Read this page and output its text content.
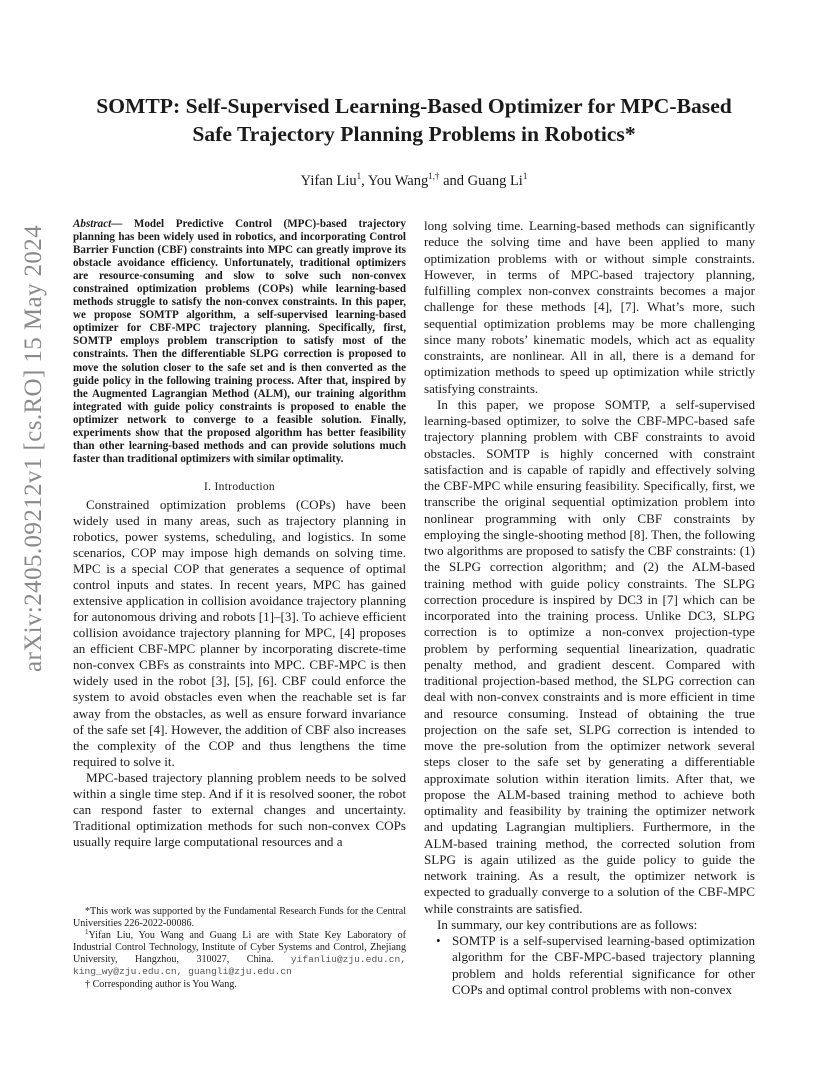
arXiv:2405.09212v1 [cs.RO] 15 May 2024
SOMTP: Self-Supervised Learning-Based Optimizer for MPC-Based
Safe Trajectory Planning Problems in Robotics*
Yifan Liu$^1$, You Wang$^{1,\dagger}$ and Guang Li$^1$

Abstract— Model Predictive Control (MPC)-based trajectory planning has been widely used in robotics, and incorporating Control Barrier Function (CBF) constraints into MPC can greatly improve its obstacle avoidance efficiency. Unfortunately, traditional optimizers are resource-consuming and slow to solve such non-convex constrained optimization problems (COPs) while learning-based methods struggle to satisfy the non-convex constraints. In this paper, we propose SOMTP algorithm, a self-supervised learning-based optimizer for CBF-MPC trajectory planning. Specifically, first, SOMTP employs problem transcription to satisfy most of the constraints. Then the differentiable SLPG correction is proposed to move the solution closer to the safe set and is then converted as the guide policy in the following training process. After that, inspired by the Augmented Lagrangian Method (ALM), our training algorithm integrated with guide policy constraints is proposed to enable the optimizer network to converge to a feasible solution. Finally, experiments show that the proposed algorithm has better feasibility than other learning-based methods and can provide solutions much faster than traditional optimizers with similar optimality.

I. Introduction

Constrained optimization problems (COPs) have been widely used in many areas, such as trajectory planning in robotics, power systems, scheduling, and logistics. In some scenarios, COP may impose high demands on solving time. MPC is a special COP that generates a sequence of optimal control inputs and states. In recent years, MPC has gained extensive application in collision avoidance trajectory planning for autonomous driving and robots [1]–[3]. To achieve efficient collision avoidance trajectory planning for MPC, [4] proposes an efficient CBF-MPC planner by incorporating discrete-time non-convex CBFs as constraints into MPC. CBF-MPC is then widely used in the robot [3], [5], [6]. CBF could enforce the system to avoid obstacles even when the reachable set is far away from the obstacles, as well as ensure forward invariance of the safe set [4]. However, the addition of CBF also increases the complexity of the COP and thus lengthens the time required to solve it.

MPC-based trajectory planning problem needs to be solved within a single time step. And if it is resolved sooner, the robot can respond faster to external changes and uncertainty. Traditional optimization methods for such non-convex COPs usually require large computational resources and a

*This work was supported by the Fundamental Research Funds for the Central Universities 226-2022-00086.

$^1$Yifan Liu, You Wang and Guang Li are with State Key Laboratory of Industrial Control Technology, Institute of Cyber Systems and Control, Zhejiang University, Hangzhou, 310027, China. yifanliu@zju.edu.cn, king_wy@zju.edu.cn, guangli@zju.edu.cn

† Corresponding author is You Wang.

long solving time. Learning-based methods can significantly reduce the solving time and have been applied to many optimization problems with or without simple constraints. However, in terms of MPC-based trajectory planning, fulfilling complex non-convex constraints becomes a major challenge for these methods [4], [7]. What’s more, such sequential optimization problems may be more challenging since many robots’ kinematic models, which act as equality constraints, are nonlinear. All in all, there is a demand for optimization methods to speed up optimization while strictly satisfying constraints.

In this paper, we propose SOMTP, a self-supervised learning-based optimizer, to solve the CBF-MPC-based safe trajectory planning problem with CBF constraints to avoid obstacles. SOMTP is highly concerned with constraint satisfaction and is capable of rapidly and effectively solving the CBF-MPC while ensuring feasibility. Specifically, first, we transcribe the original sequential optimization problem into nonlinear programming with only CBF constraints by employing the single-shooting method [8]. Then, the following two algorithms are proposed to satisfy the CBF constraints: (1) the SLPG correction algorithm; and (2) the ALM-based training method with guide policy constraints. The SLPG correction procedure is inspired by DC3 in [7] which can be incorporated into the training process. Unlike DC3, SLPG correction is to optimize a non-convex projection-type problem by performing sequential linearization, quadratic penalty method, and gradient descent. Compared with traditional projection-based method, the SLPG correction can deal with non-convex constraints and is more efficient in time and resource consuming. Instead of obtaining the true projection on the safe set, SLPG correction is intended to move the pre-solution from the optimizer network several steps closer to the safe set by generating a differentiable approximate solution within iteration limits. After that, we propose the ALM-based training method to achieve both optimality and feasibility by training the optimizer network and updating Lagrangian multipliers. Furthermore, in the ALM-based training method, the corrected solution from SLPG is again utilized as the guide policy to guide the network training. As a result, the optimizer network is expected to gradually converge to a solution of the CBF-MPC while constraints are satisfied.

In summary, our key contributions are as follows:

• SOMTP is a self-supervised learning-based optimization algorithm for the CBF-MPC-based trajectory planning problem and holds referential significance for other COPs and optimal control problems with non-convex
